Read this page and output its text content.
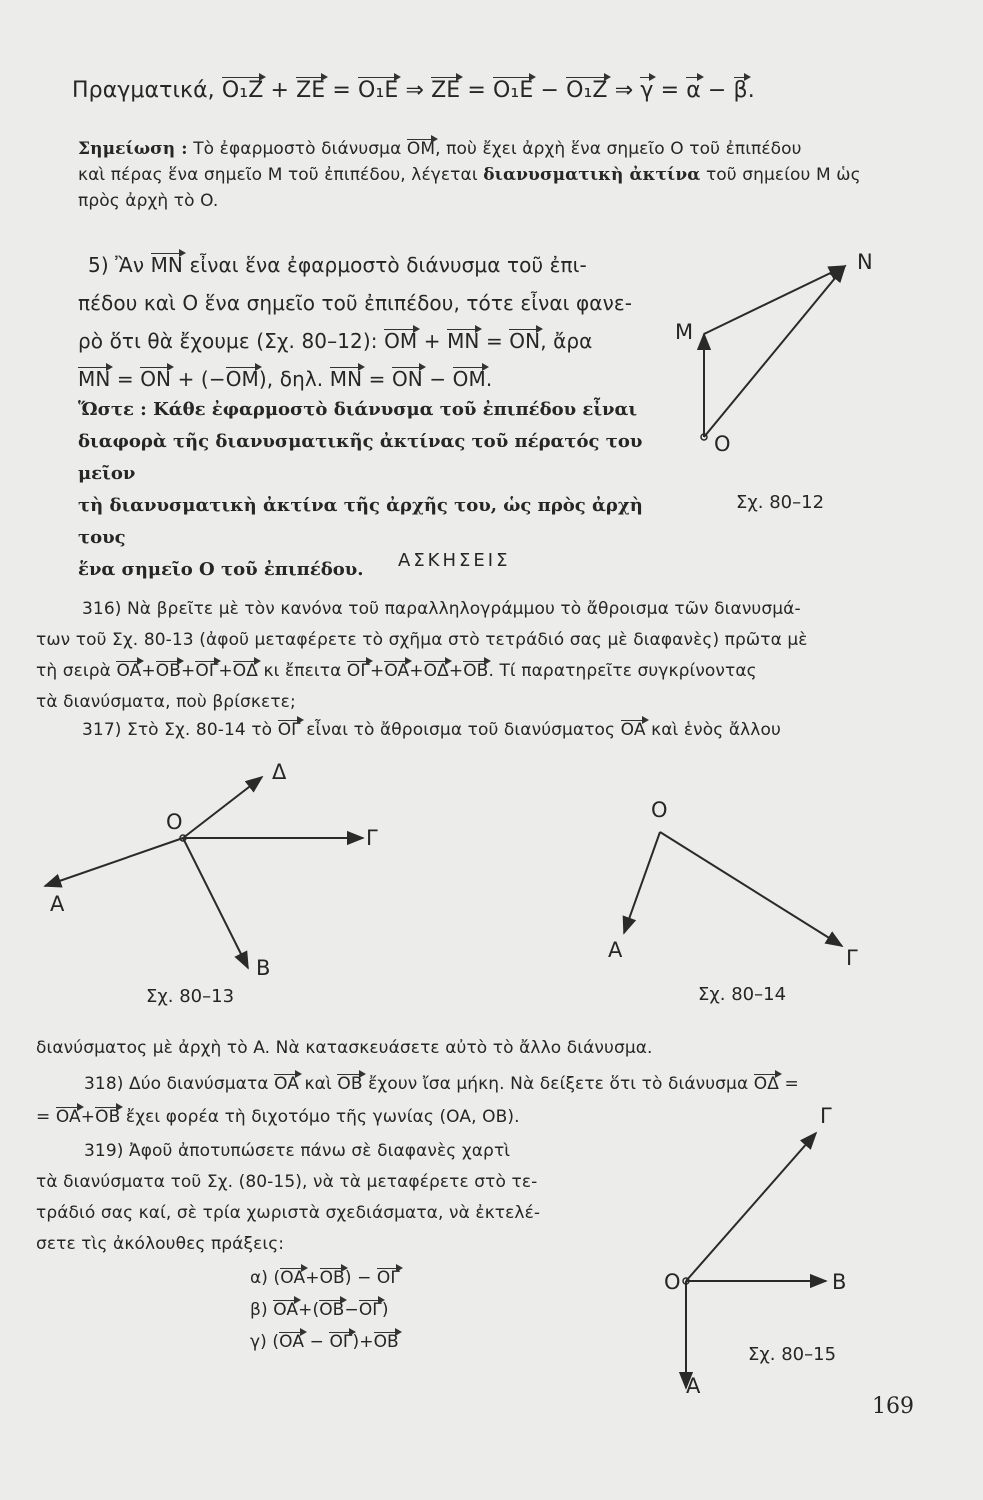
Πραγματικά, O₁Z + ZE = O₁E ⇒ ZE = O₁E − O₁Z ⇒ γ = α − β.
Σημείωση : Τὸ ἐφαρμοστὸ διάνυσμα OM, ποὺ ἔχει ἀρχὴ ἕνα σημεῖο O τοῦ ἐπιπέδου
καὶ πέρας ἕνα σημεῖο M τοῦ ἐπιπέδου, λέγεται διανυσματικὴ ἀκτίνα τοῦ σημείου M ὡς
πρὸς ἀρχὴ τὸ O.
5) Ἂν MN εἶναι ἕνα ἐφαρμοστὸ διάνυσμα τοῦ ἐπι-
πέδου καὶ O ἕνα σημεῖο τοῦ ἐπιπέδου, τότε εἶναι φανε-
ρὸ ὅτι θὰ ἔχουμε (Σχ. 80–12): OM + MN = ON, ἄρα
MN = ON + (−OM), δηλ. MN = ON − OM.
Ὥστε : Κάθε ἐφαρμοστὸ διάνυσμα τοῦ ἐπιπέδου εἶναι
διαφορὰ τῆς διανυσματικῆς ἀκτίνας τοῦ πέρατός του μεῖον
τὴ διανυσματικὴ ἀκτίνα τῆς ἀρχῆς του, ὡς πρὸς ἀρχὴ τους
ἕνα σημεῖο O τοῦ ἐπιπέδου.
N
M
O
Σχ. 80–12
ΑΣΚΗΣΕΙΣ
316) Νὰ βρεῖτε μὲ τὸν κανόνα τοῦ παραλληλογράμμου τὸ ἄθροισμα τῶν διανυσμά-
των τοῦ Σχ. 80-13 (ἀφοῦ μεταφέρετε τὸ σχῆμα στὸ τετράδιό σας μὲ διαφανὲς) πρῶτα μὲ
τὴ σειρὰ OA+OB+OΓ+OΔ κι ἔπειτα OΓ+OA+OΔ+OB. Τί παρατηρεῖτε συγκρίνοντας
τὰ διανύσματα, ποὺ βρίσκετε;
317) Στὸ Σχ. 80-14 τὸ OΓ εἶναι τὸ ἄθροισμα τοῦ διανύσματος OA καὶ ἑνὸς ἄλλου
Δ
O
Γ
A
B
Σχ. 80–13
O
A	Γ
Σχ. 80–14
διανύσματος μὲ ἀρχὴ τὸ A. Νὰ κατασκευάσετε αὐτὸ τὸ ἄλλο διάνυσμα.
318) Δύο διανύσματα OA καὶ OB ἔχουν ἴσα μήκη. Νὰ δείξετε ὅτι τὸ διάνυσμα OΔ =
= OA+OB ἔχει φορέα τὴ διχοτόμο τῆς γωνίας (OA, OB).
319) Ἀφοῦ ἀποτυπώσετε πάνω σὲ διαφανὲς χαρτὶ
τὰ διανύσματα τοῦ Σχ. (80-15), νὰ τὰ μεταφέρετε στὸ τε-
τράδιό σας καί, σὲ τρία χωριστὰ σχεδιάσματα, νὰ ἐκτελέ-
σετε τὶς ἀκόλουθες πράξεις:
α) (OA+OB) − OΓ
β) OA+(OB−OΓ)
γ) (OA − OΓ)+OB
Γ
O	B
A
Σχ. 80–15
169
